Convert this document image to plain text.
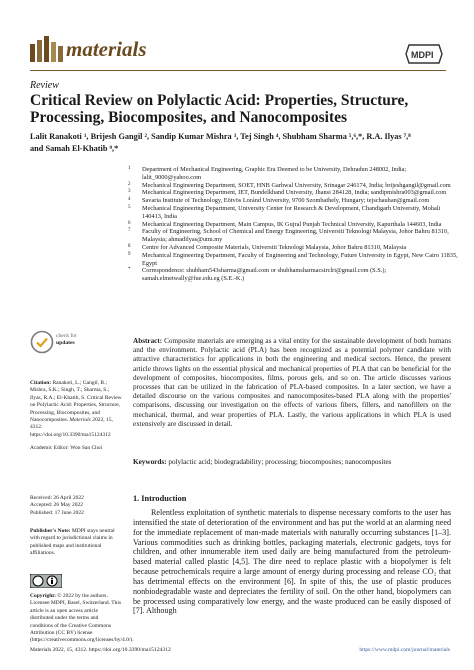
materials	MDPI
Review
Critical Review on Polylactic Acid: Properties, Structure, Processing, Biocomposites, and Nanocomposites
Lalit Ranakoti ¹, Brijesh Gangil ², Sandip Kumar Mishra ³, Tej Singh ⁴, Shubham Sharma ⁵,⁶,*, R.A. Ilyas ⁷,⁸
and Samah El-Khatib ⁹,*
1 Department of Mechanical Engineering, Graphic Era Deemed to be University, Dehradun 248002, India; lalit_9000@yahoo.com
2 Mechanical Engineering Department, SOET, HNB Garhwal University, Srinagar 246174, India; brijeshgangil@gmail.com
3 Mechanical Engineering Department, IET, Bundelkhand University, Jhansi 284128, India; sandipmishra003@gmail.com
4 Savaria Institute of Technology, Eötvös Loránd University, 9700 Szombathely, Hungary; tejschauhan@gmail.com
5 Mechanical Engineering Department, University Center for Research & Development, Chandigarh University, Mohali 140413, India
6 Mechanical Engineering Department, Main Campus, IK Gujral Punjab Technical University, Kapurthala 144603, India
7 Faculty of Engineering, School of Chemical and Energy Engineering, Universiti Teknologi Malaysia, Johor Bahru 81310, Malaysia; ahmadilyas@utm.my
8 Centre for Advanced Composite Materials, Universiti Teknologi Malaysia, Johor Bahru 81310, Malaysia
9 Mechanical Engineering Department, Faculty of Engineering and Technology, Future University in Egypt, New Cairo 11835, Egypt
* Correspondence: shubham543sharma@gmail.com or shubhamsharmacsirclri@gmail.com (S.S.); samah.elmetwally@fue.edu.eg (S.E.-K.)
check for
updates
Citation: Ranakoti, L.; Gangil, B.; Mishra, S.K.; Singh, T.; Sharma, S.; Ilyas, R.A.; El-Khatib, S. Critical Review on Polylactic Acid: Properties, Structure, Processing, Biocomposites, and Nanocomposites. Materials 2022, 15, 4312. https://doi.org/10.3390/ma15124312
Academic Editor: Won San Choi
Received: 26 April 2022
Accepted: 26 May 2022
Published: 17 June 2022
Publisher's Note: MDPI stays neutral with regard to jurisdictional claims in published maps and institutional affiliations.
Copyright: © 2022 by the authors. Licensee MDPI, Basel, Switzerland. This article is an open access article distributed under the terms and conditions of the Creative Commons Attribution (CC BY) license (https://creativecommons.org/licenses/by/4.0/).
Abstract: Composite materials are emerging as a vital entity for the sustainable development of both humans and the environment. Polylactic acid (PLA) has been recognized as a potential polymer candidate with attractive characteristics for applications in both the engineering and medical sectors. Hence, the present article throws lights on the essential physical and mechanical properties of PLA that can be beneficial for the development of composites, biocomposites, films, porous gels, and so on. The article discusses various processes that can be utilized in the fabrication of PLA-based composites. In a later section, we have a detailed discourse on the various composites and nanocomposites-based PLA along with the properties' comparisons, discussing our investigation on the effects of various fibers, fillers, and nanofillers on the mechanical, thermal, and wear properties of PLA. Lastly, the various applications in which PLA is used extensively are discussed in detail.
Keywords: polylactic acid; biodegradability; processing; biocomposites; nanocomposites
1. Introduction
Relentless exploitation of synthetic materials to dispense necessary comforts to the user has intensified the state of deterioration of the environment and has put the world at an alarming need for the immediate replacement of man-made materials with naturally occurring substances [1–3]. Various commodities such as drinking bottles, packaging materials, electronic gadgets, toys for children, and other innumerable item used daily are being manufactured from the petroleum-based material called plastic [4,5]. The dire need to replace plastic with a biopolymer is felt because petrochemicals require a large amount of energy during processing and release CO₂ that has detrimental effects on the environment [6]. In spite of this, the use of plastic produces nonbiodegradable waste and depreciates the fertility of soil. On the other hand, biopolymers can be processed using comparatively low energy, and the waste produced can be easily disposed of [7]. Although
Materials 2022, 15, 4312. https://doi.org/10.3390/ma15124312	https://www.mdpi.com/journal/materials
